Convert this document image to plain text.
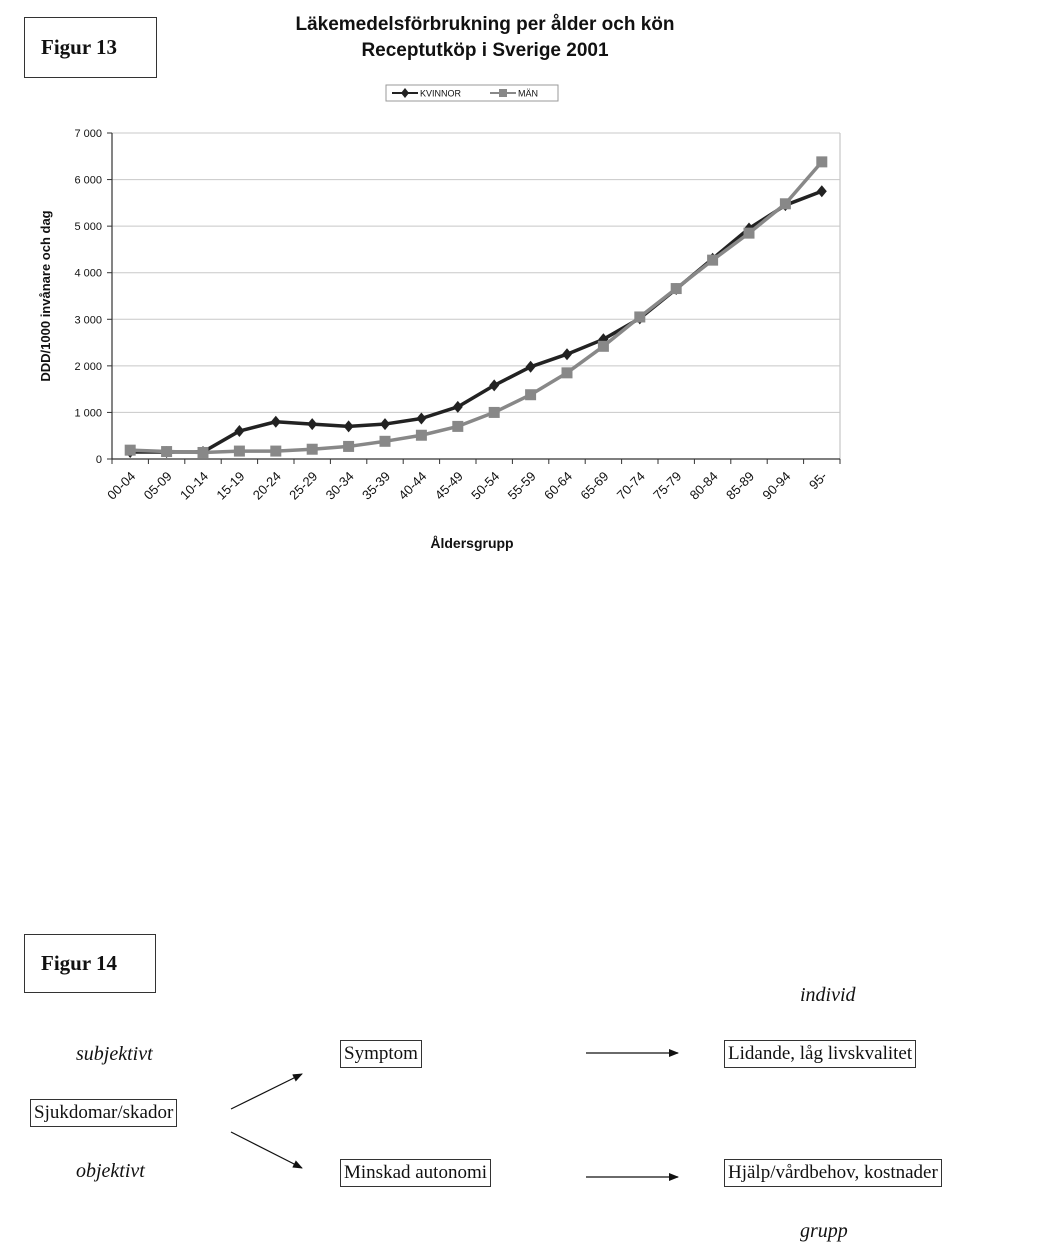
Figur 13
Läkemedelsförbrukning per ålder och kön
Receptutköp i Sverige 2001
0
1 000
2 000
3 000
4 000
5 000
6 000
7 000
00-04 05-09 10-14 15-19 20-24 25-29 30-34 35-39 40-44 45-49 50-54 55-59 60-64 65-69 70-74 75-79 80-84 85-89 90-94 95-
Åldersgrupp
DDD/1000 invånare och dag
KVINNOR	MÄN
Figur 14
individ
subjektivt
objektivt
grupp
Sjukdomar/skador
Symptom
Minskad autonomi
Lidande, låg livskvalitet
Hjälp/vårdbehov, kostnader
